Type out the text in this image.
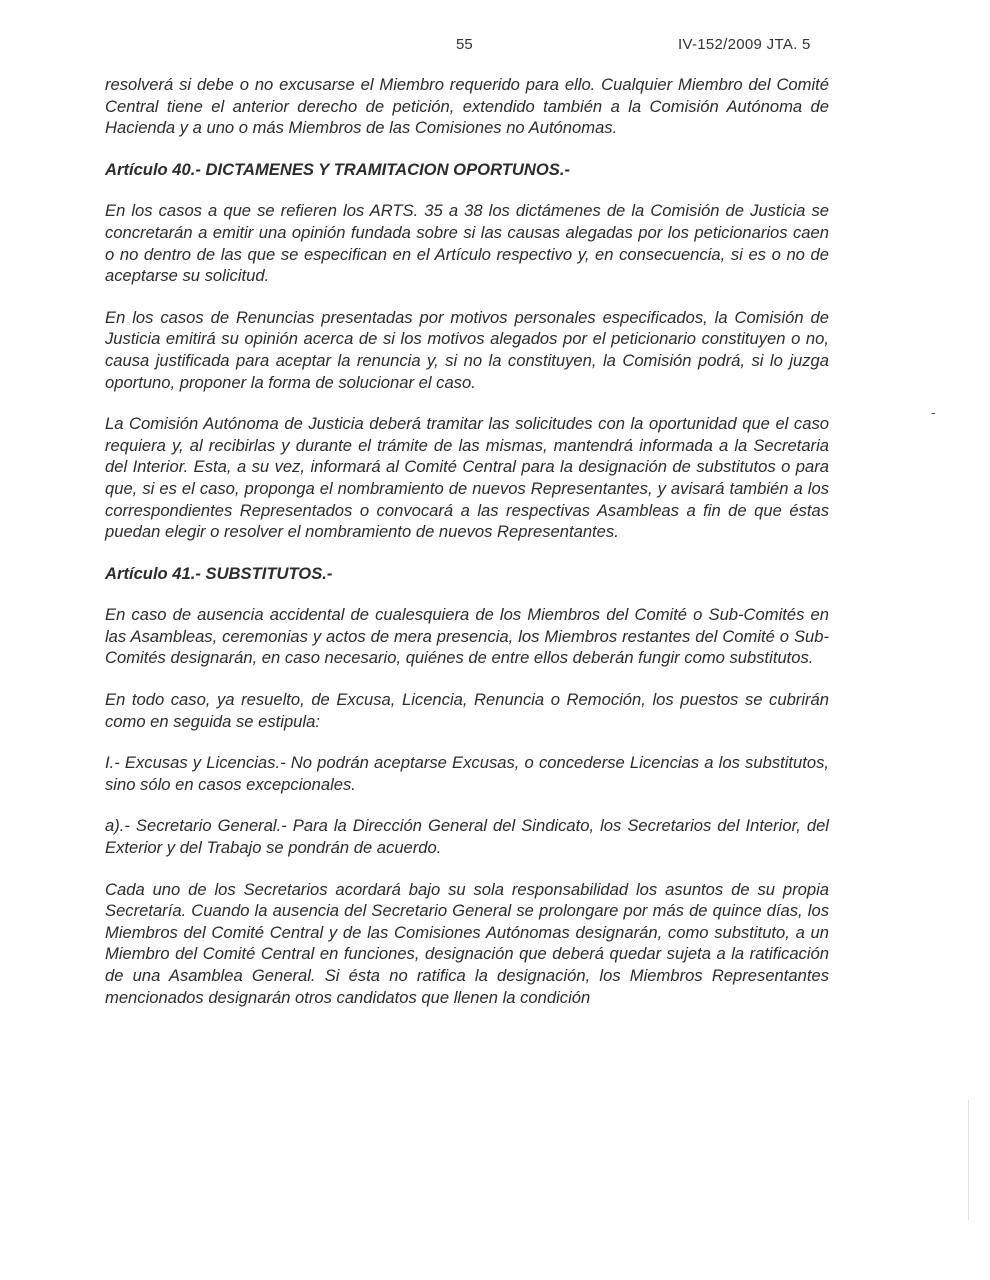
55	IV-152/2009 JTA. 5

resolverá si debe o no excusarse el Miembro requerido para ello. Cualquier Miembro del Comité Central tiene el anterior derecho de petición, extendido también a la Comisión Autónoma de Hacienda y a uno o más Miembros de las Comisiones no Autónomas.

Artículo 40.- DICTAMENES Y TRAMITACION OPORTUNOS.-

En los casos a que se refieren los ARTS. 35 a 38 los dictámenes de la Comisión de Justicia se concretarán a emitir una opinión fundada sobre si las causas alegadas por los peticionarios caen o no dentro de las que se especifican en el Artículo respectivo y, en consecuencia, si es o no de aceptarse su solicitud.

En los casos de Renuncias presentadas por motivos personales especificados, la Comisión de Justicia emitirá su opinión acerca de si los motivos alegados por el peticionario constituyen o no, causa justificada para aceptar la renuncia y, si no la constituyen, la Comisión podrá, si lo juzga oportuno, proponer la forma de solucionar el caso.

La Comisión Autónoma de Justicia deberá tramitar las solicitudes con la oportunidad que el caso requiera y, al recibirlas y durante el trámite de las mismas, mantendrá informada a la Secretaria del Interior. Esta, a su vez, informará al Comité Central para la designación de substitutos o para que, si es el caso, proponga el nombramiento de nuevos Representantes, y avisará también a los correspondientes Representados o convocará a las respectivas Asambleas a fin de que éstas puedan elegir o resolver el nombramiento de nuevos Representantes.

Artículo 41.- SUBSTITUTOS.-

En caso de ausencia accidental de cualesquiera de los Miembros del Comité o Sub-Comités en las Asambleas, ceremonias y actos de mera presencia, los Miembros restantes del Comité o Sub-Comités designarán, en caso necesario, quiénes de entre ellos deberán fungir como substitutos.

En todo caso, ya resuelto, de Excusa, Licencia, Renuncia o Remoción, los puestos se cubrirán como en seguida se estipula:

I.- Excusas y Licencias.- No podrán aceptarse Excusas, o concederse Licencias a los substitutos, sino sólo en casos excepcionales.

a).- Secretario General.- Para la Dirección General del Sindicato, los Secretarios del Interior, del Exterior y del Trabajo se pondrán de acuerdo.

Cada uno de los Secretarios acordará bajo su sola responsabilidad los asuntos de su propia Secretaría. Cuando la ausencia del Secretario General se prolongare por más de quince días, los Miembros del Comité Central y de las Comisiones Autónomas designarán, como substituto, a un Miembro del Comité Central en funciones, designación que deberá quedar sujeta a la ratificación de una Asamblea General. Si ésta no ratifica la designación, los Miembros Representantes mencionados designarán otros candidatos que llenen la condición

-
